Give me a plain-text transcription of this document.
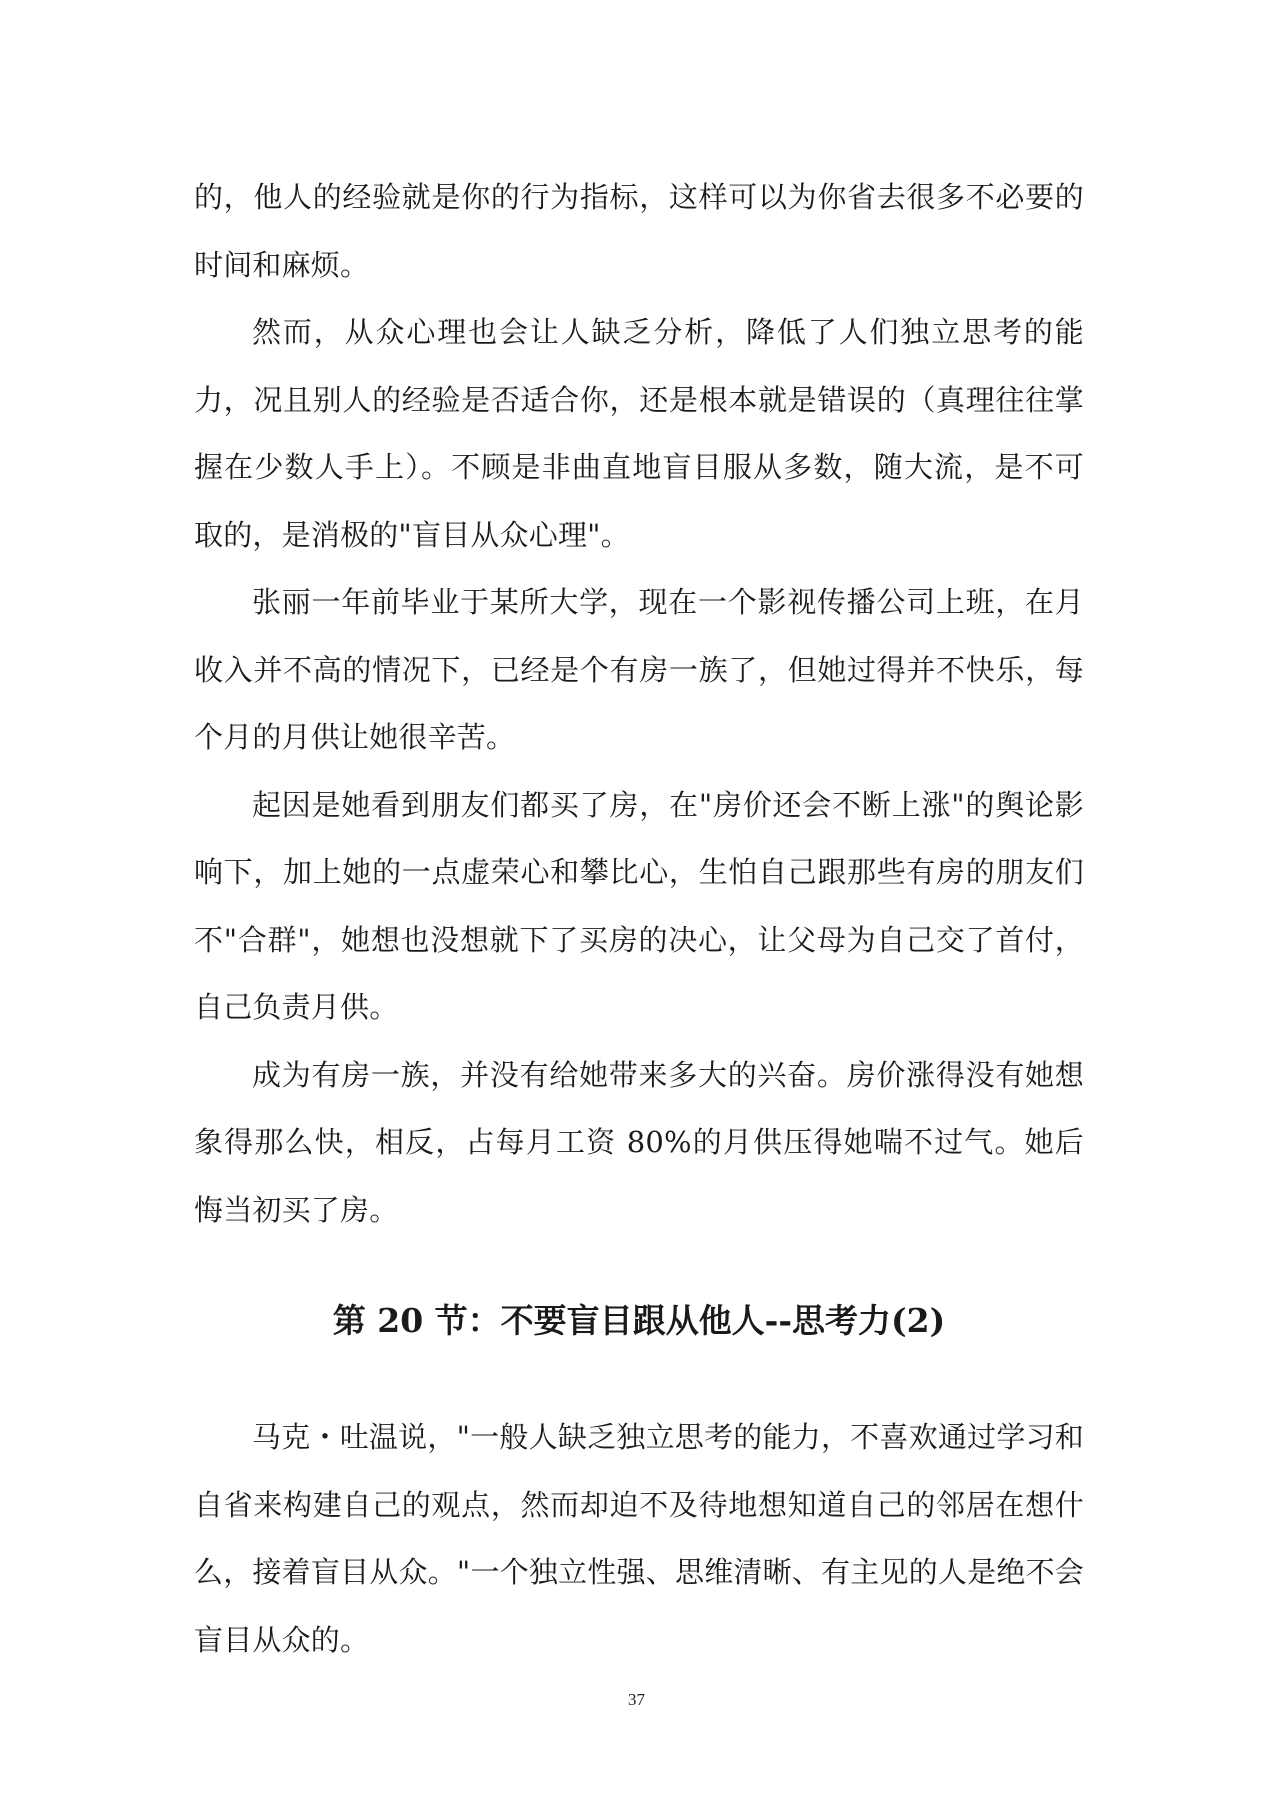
的，他人的经验就是你的行为指标，这样可以为你省去很多不必要的时间和麻烦。

然而，从众心理也会让人缺乏分析，降低了人们独立思考的能力，况且别人的经验是否适合你，还是根本就是错误的（真理往往掌握在少数人手上）。不顾是非曲直地盲目服从多数，随大流，是不可取的，是消极的"盲目从众心理"。

张丽一年前毕业于某所大学，现在一个影视传播公司上班，在月收入并不高的情况下，已经是个有房一族了，但她过得并不快乐，每个月的月供让她很辛苦。

起因是她看到朋友们都买了房，在"房价还会不断上涨"的舆论影响下，加上她的一点虚荣心和攀比心，生怕自己跟那些有房的朋友们不"合群"，她想也没想就下了买房的决心，让父母为自己交了首付，自己负责月供。

成为有房一族，并没有给她带来多大的兴奋。房价涨得没有她想象得那么快，相反，占每月工资 80%的月供压得她喘不过气。她后悔当初买了房。

第 20 节：不要盲目跟从他人--思考力(2)

马克・吐温说，"一般人缺乏独立思考的能力，不喜欢通过学习和自省来构建自己的观点，然而却迫不及待地想知道自己的邻居在想什么，接着盲目从众。"一个独立性强、思维清晰、有主见的人是绝不会盲目从众的。

37
